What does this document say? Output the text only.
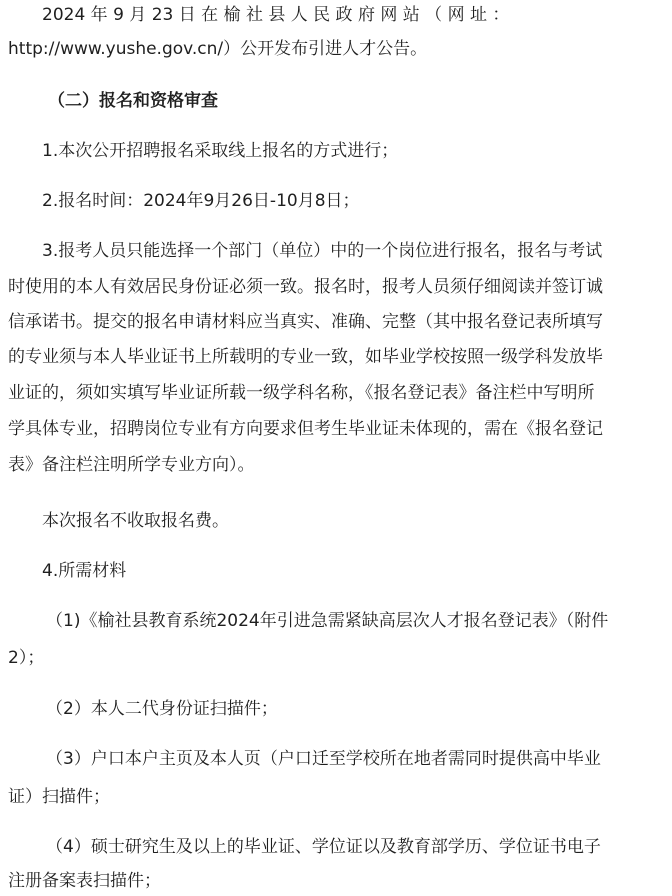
2024 年 9 月 23 日 在 榆 社 县 人 民 政 府 网 站 （ 网 址 ：
http://www.yushe.gov.cn/）公开发布引进人才公告。
（二）报名和资格审查
1.本次公开招聘报名采取线上报名的方式进行；
2.报名时间：2024年9月26日-10月8日；
3.报考人员只能选择一个部门（单位）中的一个岗位进行报名，报名与考试
时使用的本人有效居民身份证必须一致。报名时，报考人员须仔细阅读并签订诚
信承诺书。提交的报名申请材料应当真实、准确、完整（其中报名登记表所填写
的专业须与本人毕业证书上所载明的专业一致，如毕业学校按照一级学科发放毕
业证的，须如实填写毕业证所载一级学科名称，《报名登记表》备注栏中写明所
学具体专业，招聘岗位专业有方向要求但考生毕业证未体现的，需在《报名登记
表》备注栏注明所学专业方向）。
本次报名不收取报名费。
4.所需材料
（1)《榆社县教育系统2024年引进急需紧缺高层次人才报名登记表》（附件
2）；
（2）本人二代身份证扫描件；
（3）户口本户主页及本人页（户口迁至学校所在地者需同时提供高中毕业
证）扫描件；
（4）硕士研究生及以上的毕业证、学位证以及教育部学历、学位证书电子
注册备案表扫描件；
